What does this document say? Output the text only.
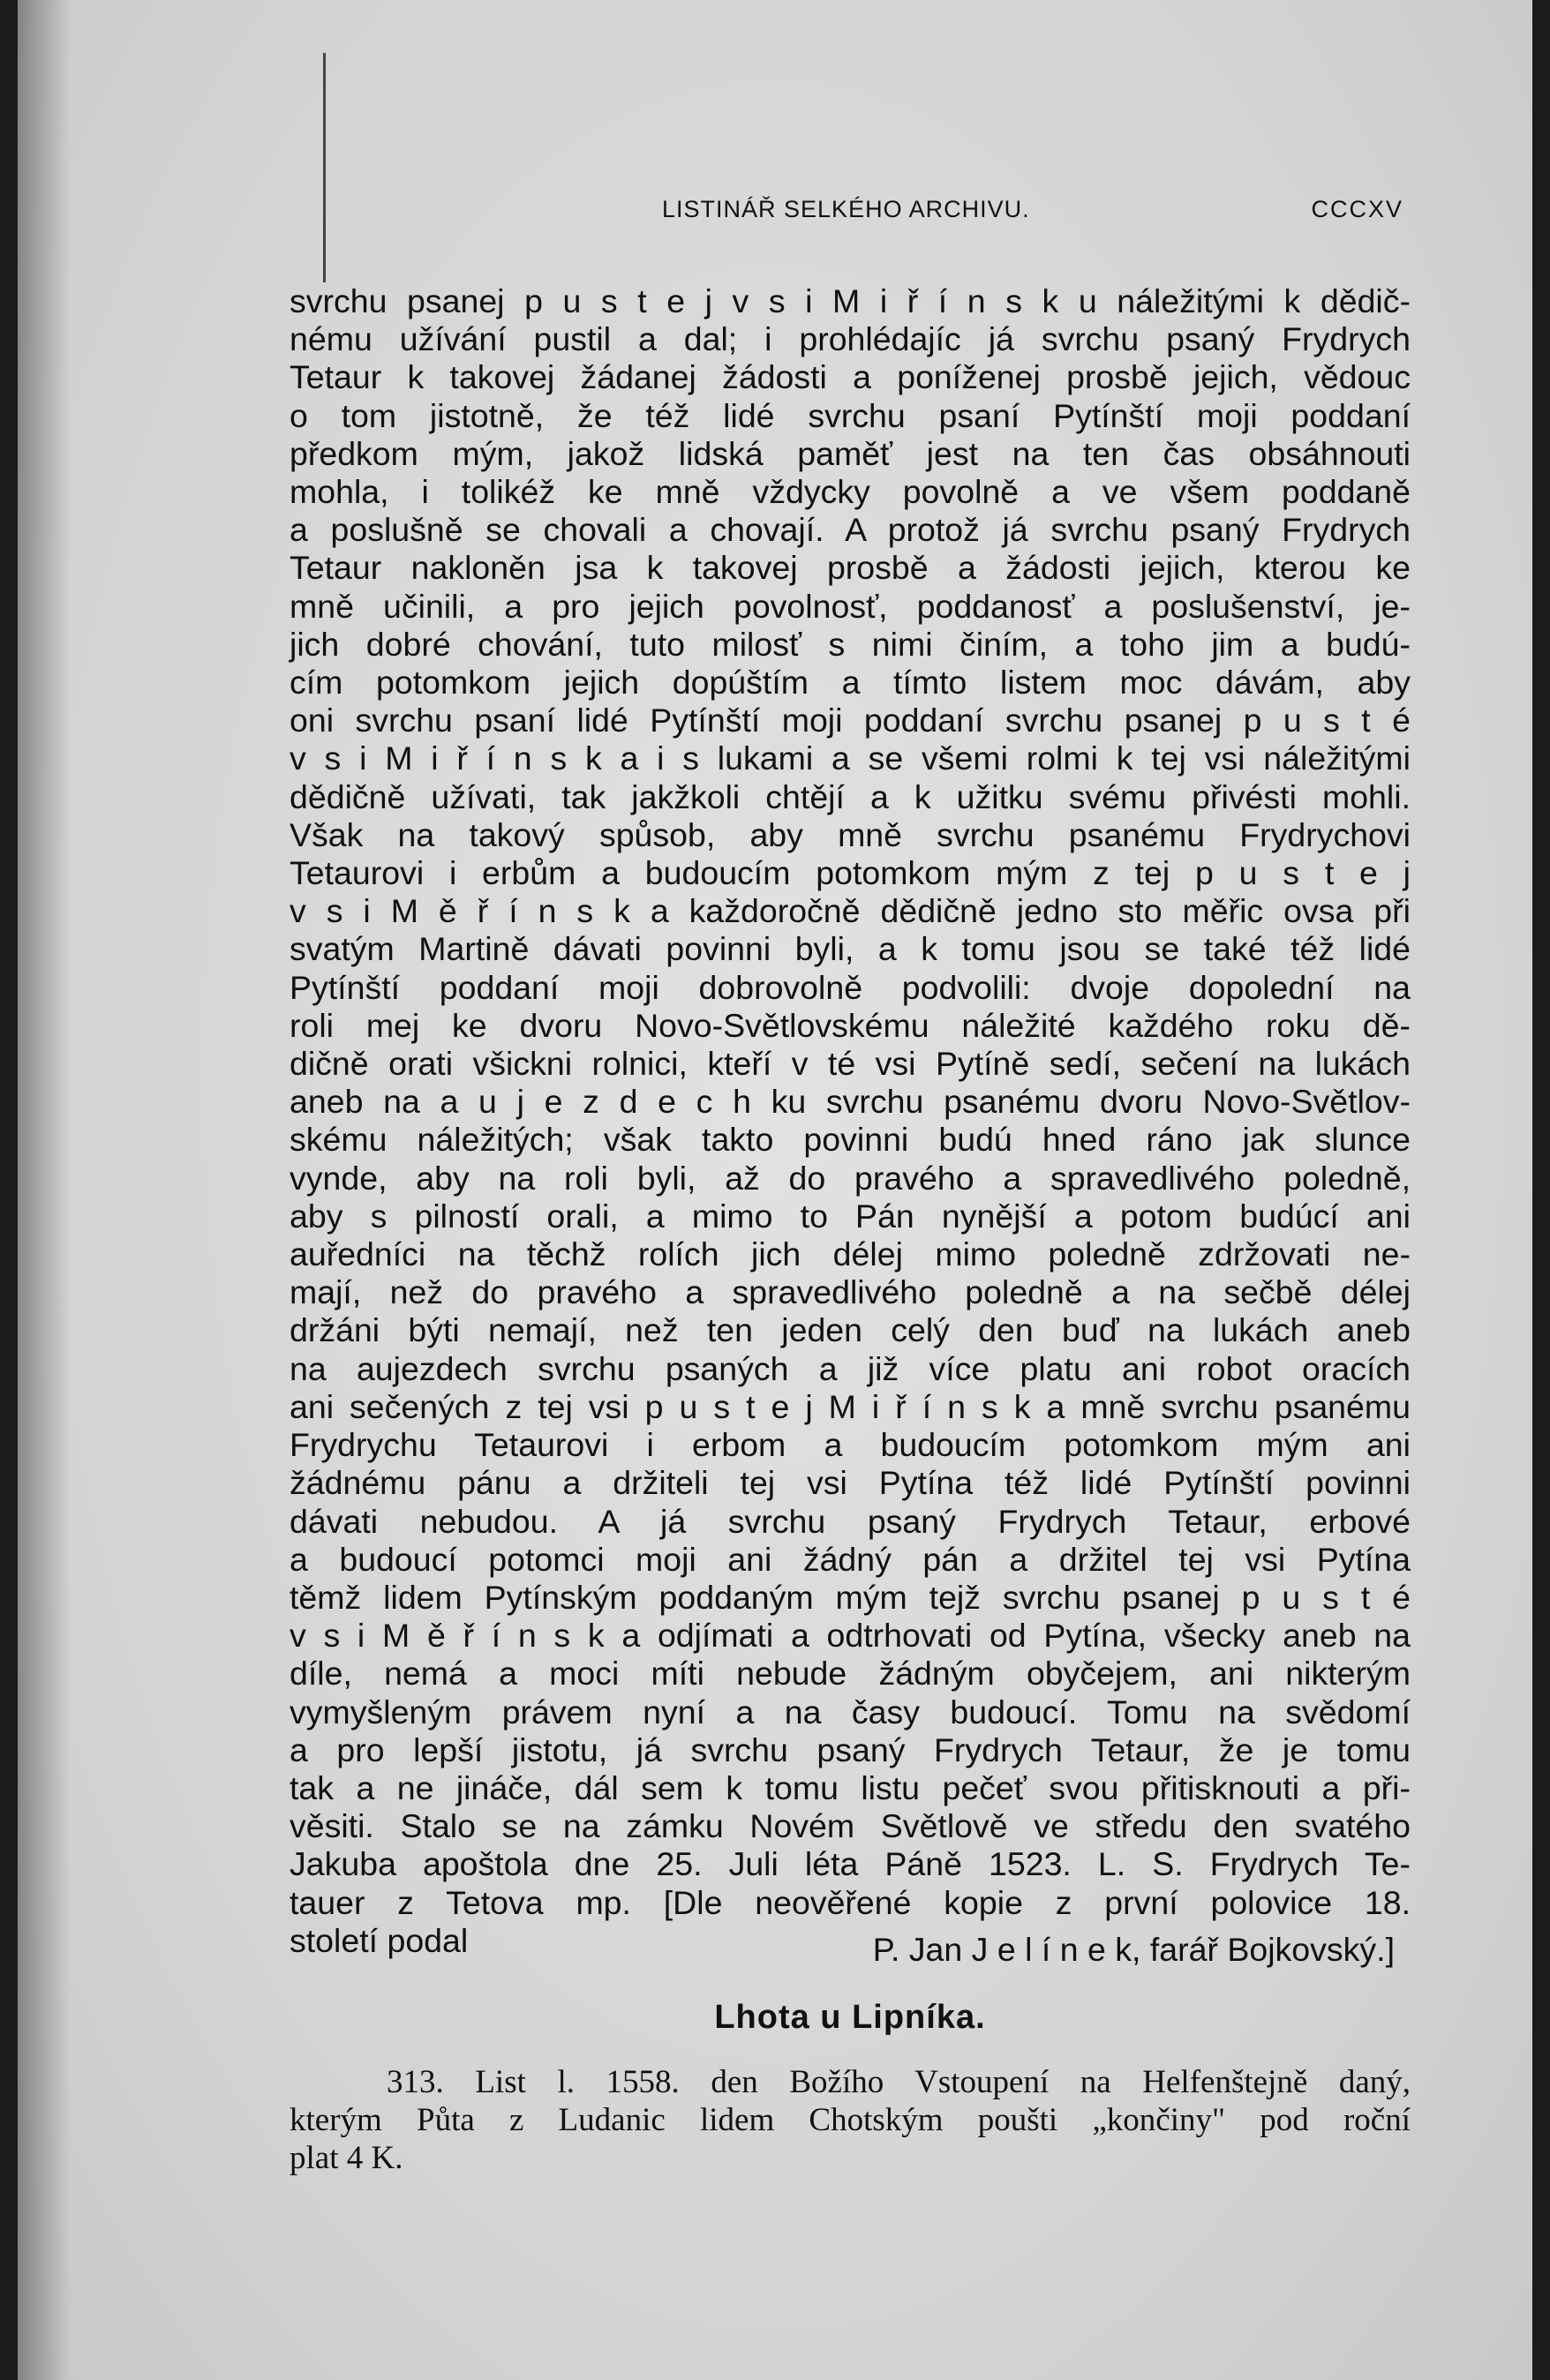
LISTINÁŘ SELKÉHO ARCHIVU.	CCCXV
svrchu psanej p u s t e j v s i M i ř í n s k u náležitými k dědič-
nému užívání pustil a dal; i prohlédajíc já svrchu psaný Frydrych
Tetaur k takovej žádanej žádosti a poníženej prosbě jejich, vědouc
o tom jistotně, že též lidé svrchu psaní Pytínští moji poddaní
předkom mým, jakož lidská paměť jest na ten čas obsáhnouti
mohla, i tolikéž ke mně vždycky povolně a ve všem poddaně
a poslušně se chovali a chovají. A protož já svrchu psaný Frydrych
Tetaur nakloněn jsa k takovej prosbě a žádosti jejich, kterou ke
mně učinili, a pro jejich povolnosť, poddanosť a poslušenství, je-
jich dobré chování, tuto milosť s nimi činím, a toho jim a budú-
cím potomkom jejich dopúštím a tímto listem moc dávám, aby
oni svrchu psaní lidé Pytínští moji poddaní svrchu psanej p u s t é
v s i M i ř í n s k a i s lukami a se všemi rolmi k tej vsi náležitými
dědičně užívati, tak jakžkoli chtějí a k užitku svému přivésti mohli.
Však na takový spůsob, aby mně svrchu psanému Frydrychovi
Tetaurovi i erbům a budoucím potomkom mým z tej p u s t e j
v s i M ě ř í n s k a každoročně dědičně jedno sto měřic ovsa při
svatým Martině dávati povinni byli, a k tomu jsou se také též lidé
Pytínští poddaní moji dobrovolně podvolili: dvoje dopolední na
roli mej ke dvoru Novo-Světlovskému náležité každého roku dě-
dičně orati všickni rolnici, kteří v té vsi Pytíně sedí, sečení na lukách
aneb na a u j e z d e c h ku svrchu psanému dvoru Novo-Světlov-
skému náležitých; však takto povinni budú hned ráno jak slunce
vynde, aby na roli byli, až do pravého a spravedlivého poledně,
aby s pilností orali, a mimo to Pán nynější a potom budúcí ani
auředníci na těchž rolích jich délej mimo poledně zdržovati ne-
mají, než do pravého a spravedlivého poledně a na sečbě délej
držáni býti nemají, než ten jeden celý den buď na lukách aneb
na aujezdech svrchu psaných a již více platu ani robot oracích
ani sečených z tej vsi p u s t e j M i ř í n s k a mně svrchu psanému
Frydrychu Tetaurovi i erbom a budoucím potomkom mým ani
žádnému pánu a držiteli tej vsi Pytína též lidé Pytínští povinni
dávati nebudou. A já svrchu psaný Frydrych Tetaur, erbové
a budoucí potomci moji ani žádný pán a držitel tej vsi Pytína
těmž lidem Pytínským poddaným mým tejž svrchu psanej p u s t é
v s i M ě ř í n s k a odjímati a odtrhovati od Pytína, všecky aneb na
díle, nemá a moci míti nebude žádným obyčejem, ani nikterým
vymyšleným právem nyní a na časy budoucí. Tomu na svědomí
a pro lepší jistotu, já svrchu psaný Frydrych Tetaur, že je tomu
tak a ne jináče, dál sem k tomu listu pečeť svou přitisknouti a při-
věsiti. Stalo se na zámku Novém Světlově ve středu den svatého
Jakuba apoštola dne 25. Juli léta Páně 1523. L. S. Frydrych Te-
tauer z Tetova mp. [Dle neověřené kopie z první polovice 18.
století podal	P. Jan J e l í n e k, farář Bojkovský.]
Lhota u Lipníka.
313. List l. 1558. den Božího Vstoupení na Helfenštejně daný,
kterým Půta z Ludanic lidem Chotským poušti „končiny" pod roční
plat 4 K.
